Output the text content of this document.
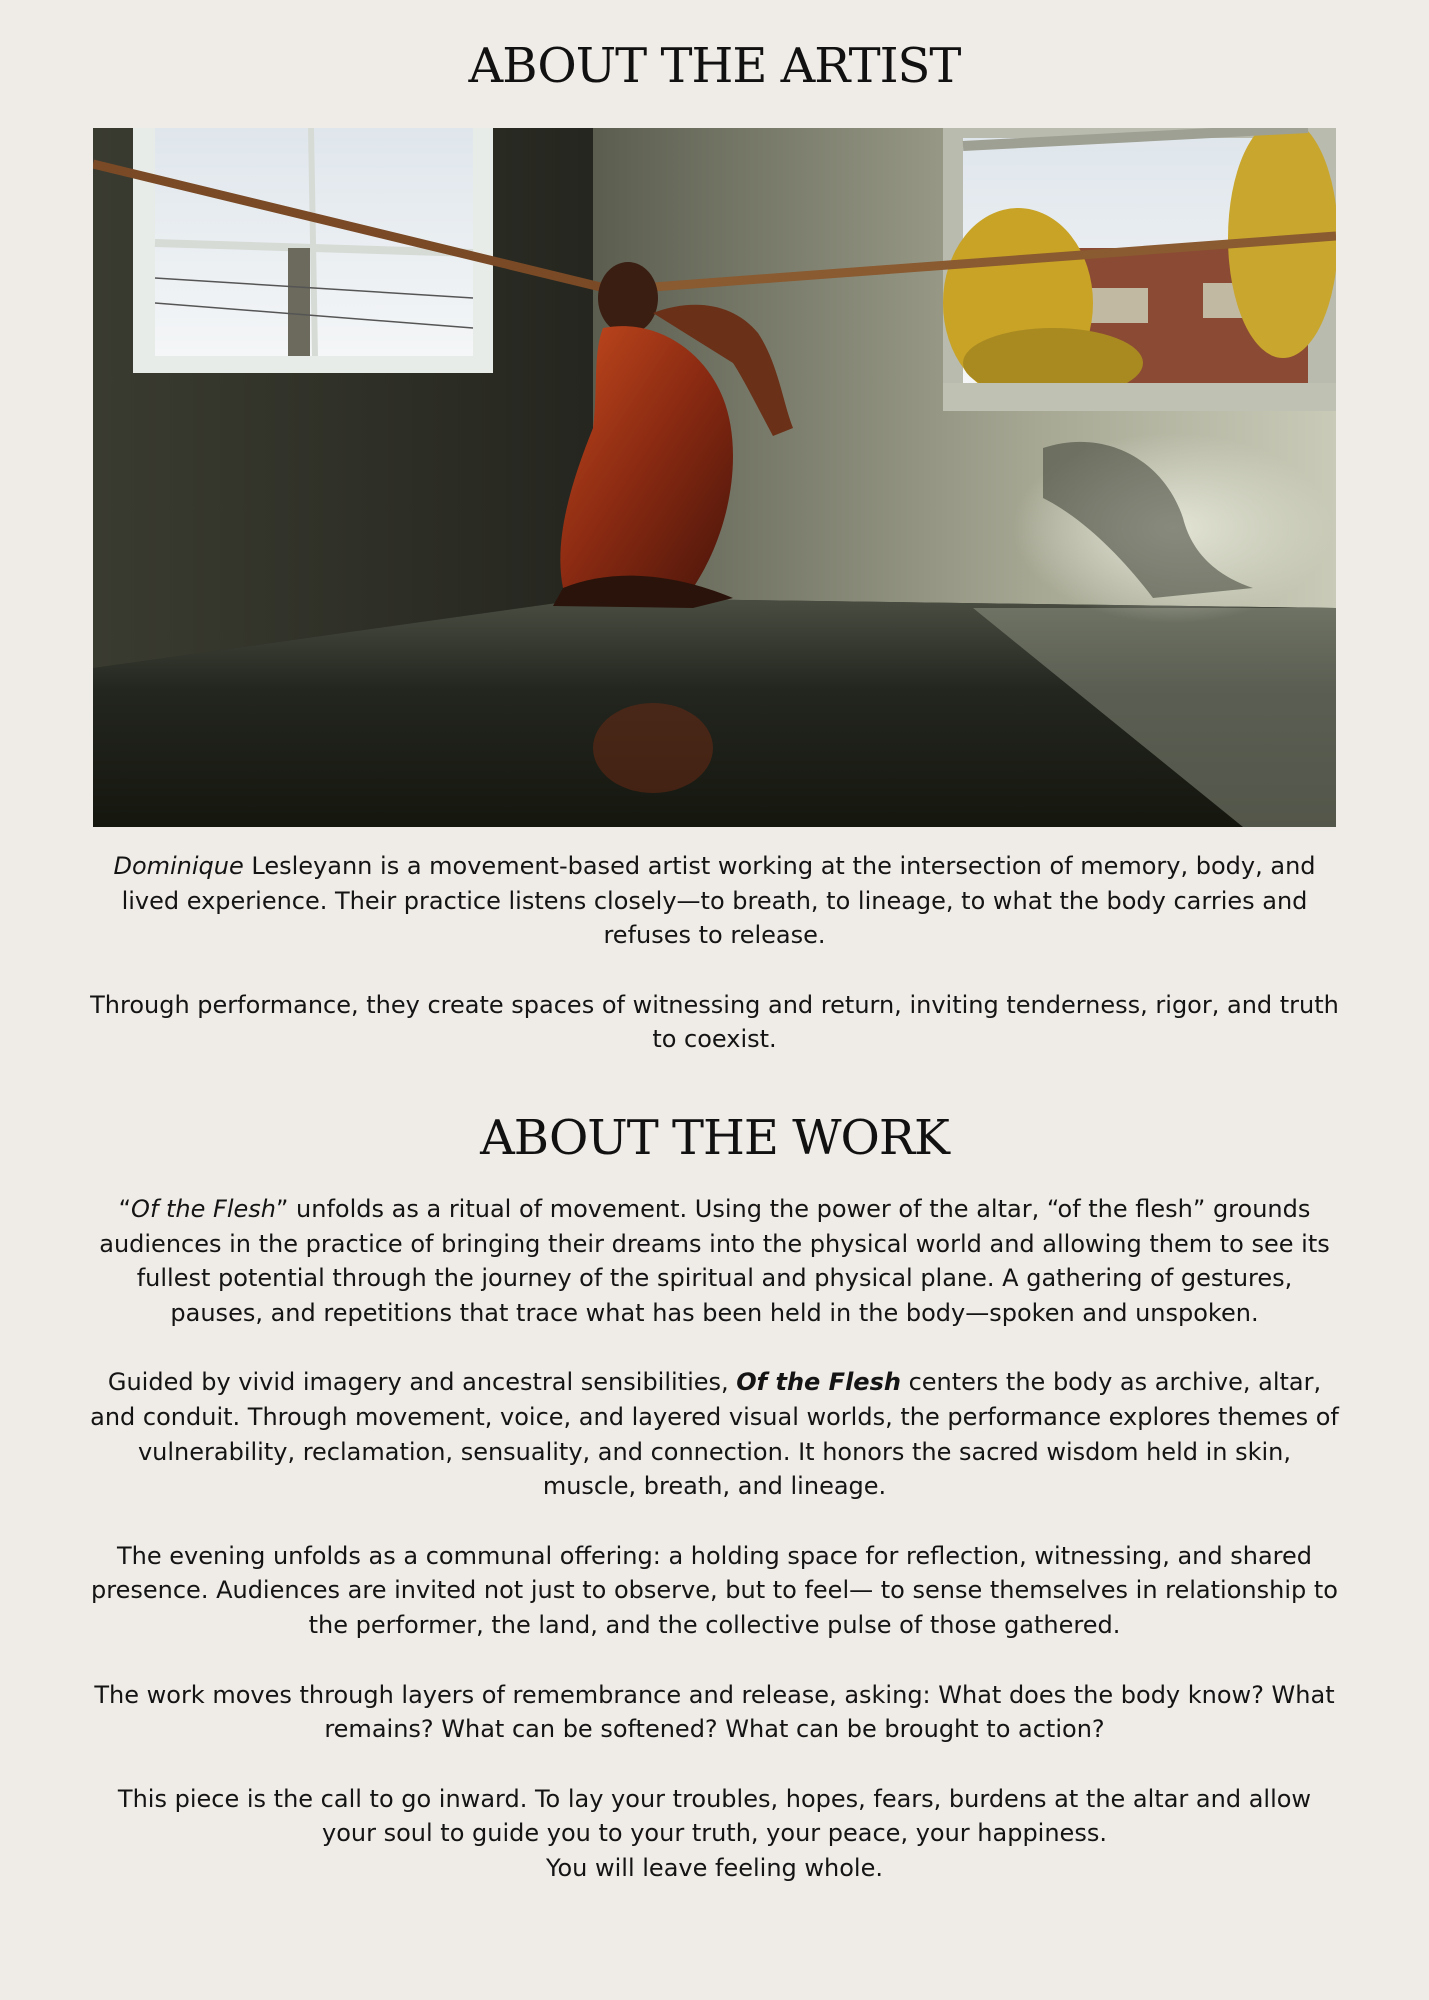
ABOUT THE ARTIST

Dominique Lesleyann is a movement-based artist working at the intersection of memory, body, and lived experience. Their practice listens closely—to breath, to lineage, to what the body carries and refuses to release.

Through performance, they create spaces of witnessing and return, inviting tenderness, rigor, and truth to coexist.

ABOUT THE WORK

“Of the Flesh” unfolds as a ritual of movement. Using the power of the altar, “of the flesh” grounds audiences in the practice of bringing their dreams into the physical world and allowing them to see its fullest potential through the journey of the spiritual and physical plane. A gathering of gestures, pauses, and repetitions that trace what has been held in the body—spoken and unspoken.

Guided by vivid imagery and ancestral sensibilities, Of the Flesh centers the body as archive, altar, and conduit. Through movement, voice, and layered visual worlds, the performance explores themes of vulnerability, reclamation, sensuality, and connection. It honors the sacred wisdom held in skin, muscle, breath, and lineage.

The evening unfolds as a communal offering: a holding space for reflection, witnessing, and shared presence. Audiences are invited not just to observe, but to feel— to sense themselves in relationship to the performer, the land, and the collective pulse of those gathered.

The work moves through layers of remembrance and release, asking: What does the body know? What remains? What can be softened? What can be brought to action?

This piece is the call to go inward. To lay your troubles, hopes, fears, burdens at the altar and allow your soul to guide you to your truth, your peace, your happiness.
You will leave feeling whole.
